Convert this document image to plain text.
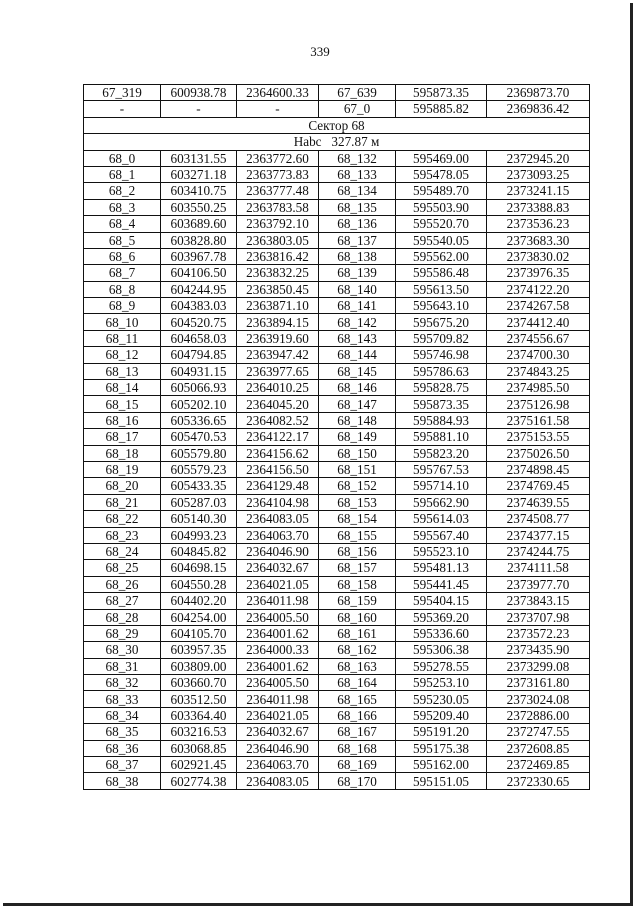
339
67_319	600938.78	2364600.33	67_639	595873.35	2369873.70
-	-	-	67_0	595885.82	2369836.42
Сектор 68					
Нabc   327.87 м					
68_0	603131.55	2363772.60	68_132	595469.00	2372945.20
68_1	603271.18	2363773.83	68_133	595478.05	2373093.25
68_2	603410.75	2363777.48	68_134	595489.70	2373241.15
68_3	603550.25	2363783.58	68_135	595503.90	2373388.83
68_4	603689.60	2363792.10	68_136	595520.70	2373536.23
68_5	603828.80	2363803.05	68_137	595540.05	2373683.30
68_6	603967.78	2363816.42	68_138	595562.00	2373830.02
68_7	604106.50	2363832.25	68_139	595586.48	2373976.35
68_8	604244.95	2363850.45	68_140	595613.50	2374122.20
68_9	604383.03	2363871.10	68_141	595643.10	2374267.58
68_10	604520.75	2363894.15	68_142	595675.20	2374412.40
68_11	604658.03	2363919.60	68_143	595709.82	2374556.67
68_12	604794.85	2363947.42	68_144	595746.98	2374700.30
68_13	604931.15	2363977.65	68_145	595786.63	2374843.25
68_14	605066.93	2364010.25	68_146	595828.75	2374985.50
68_15	605202.10	2364045.20	68_147	595873.35	2375126.98
68_16	605336.65	2364082.52	68_148	595884.93	2375161.58
68_17	605470.53	2364122.17	68_149	595881.10	2375153.55
68_18	605579.80	2364156.62	68_150	595823.20	2375026.50
68_19	605579.23	2364156.50	68_151	595767.53	2374898.45
68_20	605433.35	2364129.48	68_152	595714.10	2374769.45
68_21	605287.03	2364104.98	68_153	595662.90	2374639.55
68_22	605140.30	2364083.05	68_154	595614.03	2374508.77
68_23	604993.23	2364063.70	68_155	595567.40	2374377.15
68_24	604845.82	2364046.90	68_156	595523.10	2374244.75
68_25	604698.15	2364032.67	68_157	595481.13	2374111.58
68_26	604550.28	2364021.05	68_158	595441.45	2373977.70
68_27	604402.20	2364011.98	68_159	595404.15	2373843.15
68_28	604254.00	2364005.50	68_160	595369.20	2373707.98
68_29	604105.70	2364001.62	68_161	595336.60	2373572.23
68_30	603957.35	2364000.33	68_162	595306.38	2373435.90
68_31	603809.00	2364001.62	68_163	595278.55	2373299.08
68_32	603660.70	2364005.50	68_164	595253.10	2373161.80
68_33	603512.50	2364011.98	68_165	595230.05	2373024.08
68_34	603364.40	2364021.05	68_166	595209.40	2372886.00
68_35	603216.53	2364032.67	68_167	595191.20	2372747.55
68_36	603068.85	2364046.90	68_168	595175.38	2372608.85
68_37	602921.45	2364063.70	68_169	595162.00	2372469.85
68_38	602774.38	2364083.05	68_170	595151.05	2372330.65
